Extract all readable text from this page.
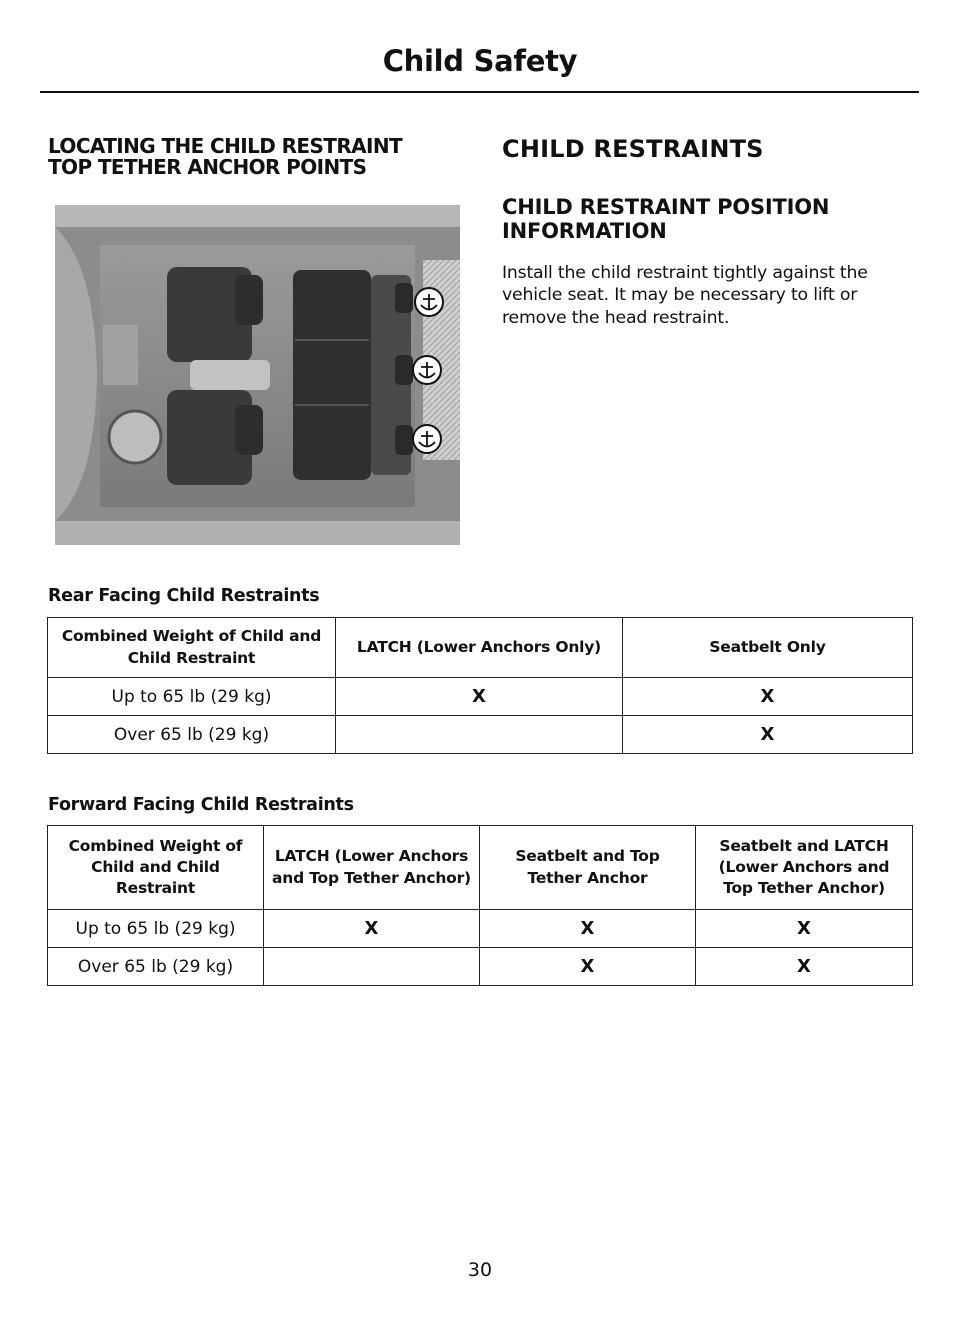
Child Safety
LOCATING THE CHILD RESTRAINT
TOP TETHER ANCHOR POINTS
CHILD RESTRAINTS
CHILD RESTRAINT POSITION
INFORMATION
Install the child restraint tightly against the vehicle seat. It may be necessary to lift or remove the head restraint.
Rear Facing Child Restraints
Combined Weight of Child and Child Restraint	LATCH (Lower Anchors Only)	Seatbelt Only
Up to 65 lb (29 kg)	X	X
Over 65 lb (29 kg)		X
Forward Facing Child Restraints
Combined Weight of Child and Child Restraint	LATCH (Lower Anchors and Top Tether Anchor)	Seatbelt and Top Tether Anchor	Seatbelt and LATCH (Lower Anchors and Top Tether Anchor)
Up to 65 lb (29 kg)	X	X	X
Over 65 lb (29 kg)		X	X
30
